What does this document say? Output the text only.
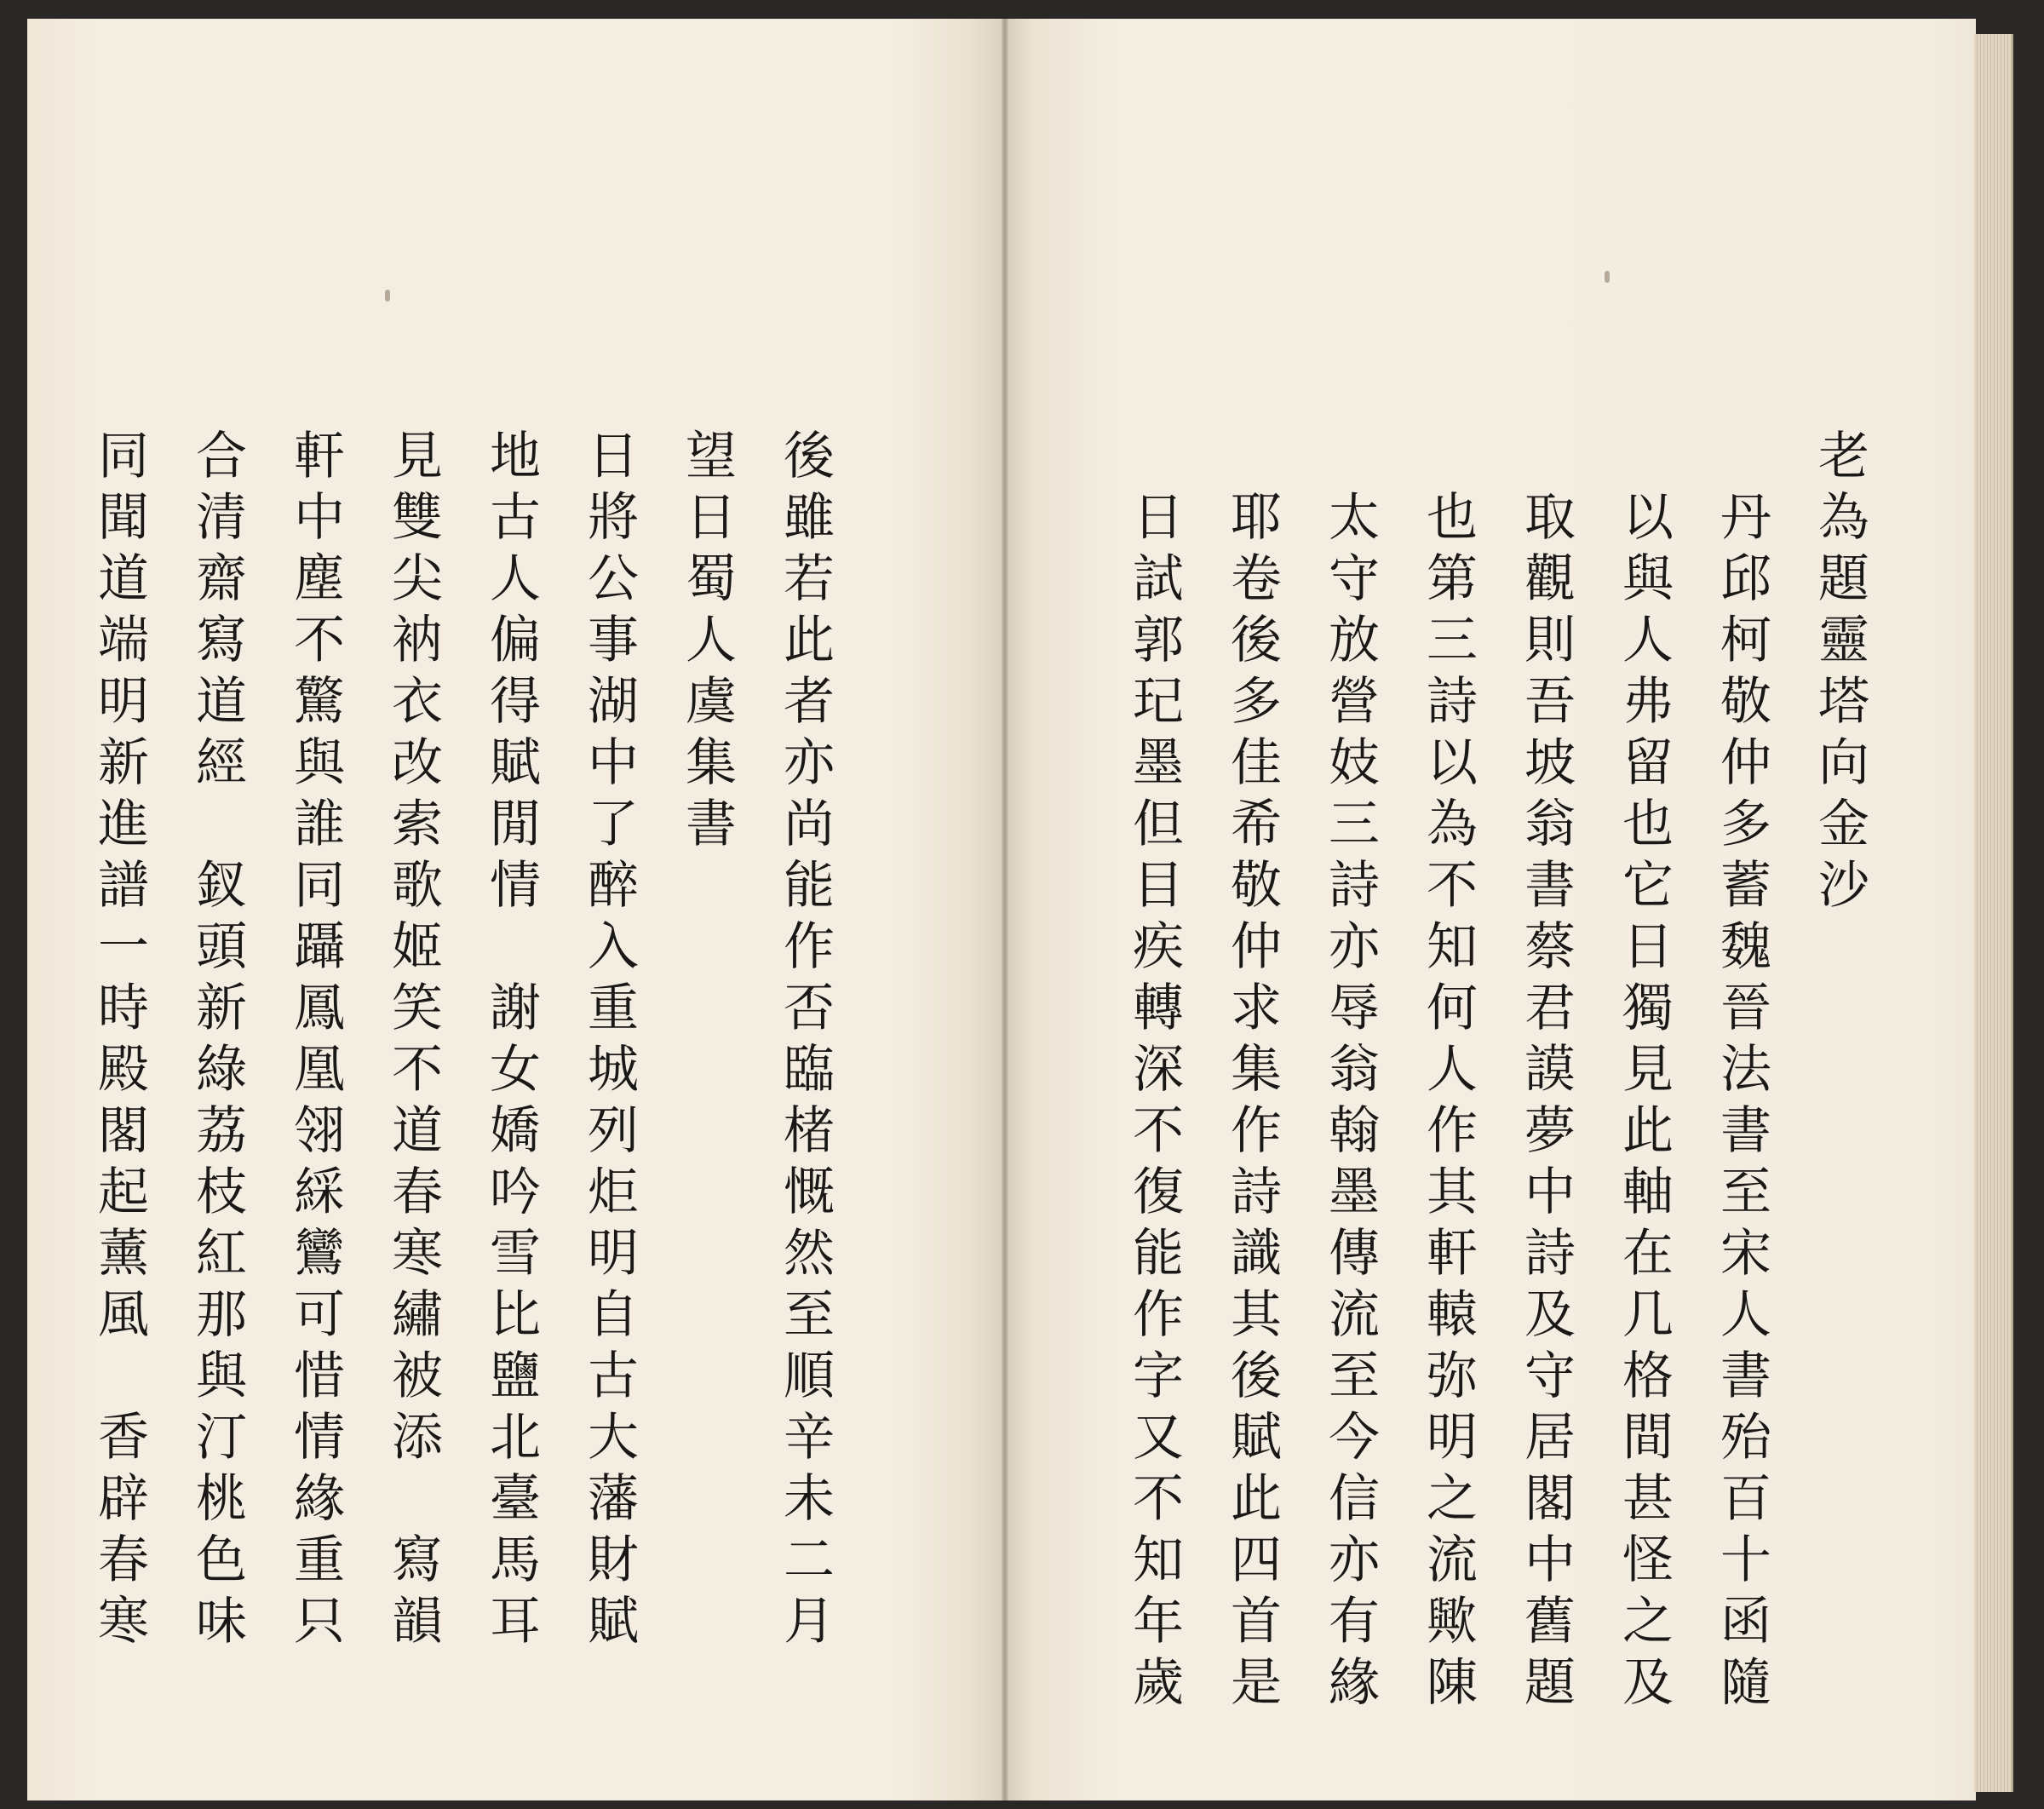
後
雖
若
此
者
亦
尚
能
作
否
臨
楮
慨
然
至
順
辛
未
二
月
望
日
蜀
人
虞
集
書
日
將
公
事
湖
中
了
醉
入
重
城
列
炬
明
自
古
大
藩
財
賦
地
古
人
偏
得
賦
閒
情

謝
女
嬌
吟
雪
比
鹽
北
臺
馬
耳
見
雙
尖
衲
衣
改
索
歌
姬
笑
不
道
春
寒
繡
被
添

寫
韻
軒
中
塵
不
驚
與
誰
同
躡
鳳
凰
翎
綵
鸞
可
惜
情
緣
重
只
合
清
齋
寫
道
經

釵
頭
新
綠
荔
枝
紅
那
與
汀
桃
色
味
同
聞
道
端
明
新
進
譜
一
時
殿
閣
起
薰
風

香
辟
春
寒
老
為
題
靈
塔
向
金
沙
丹
邱
柯
敬
仲
多
蓄
魏
晉
法
書
至
宋
人
書
殆
百
十
函
隨
以
與
人
弗
留
也
它
日
獨
見
此
軸
在
几
格
間
甚
怪
之
及
取
觀
則
吾
坡
翁
書
蔡
君
謨
夢
中
詩
及
守
居
閣
中
舊
題
也
第
三
詩
以
為
不
知
何
人
作
其
軒
轅
弥
明
之
流
歟
陳
太
守
放
營
妓
三
詩
亦
辱
翁
翰
墨
傳
流
至
今
信
亦
有
緣
耶
卷
後
多
佳
希
敬
仲
求
集
作
詩
識
其
後
賦
此
四
首
是
日
試
郭
玘
墨
但
目
疾
轉
深
不
復
能
作
字
又
不
知
年
歲
